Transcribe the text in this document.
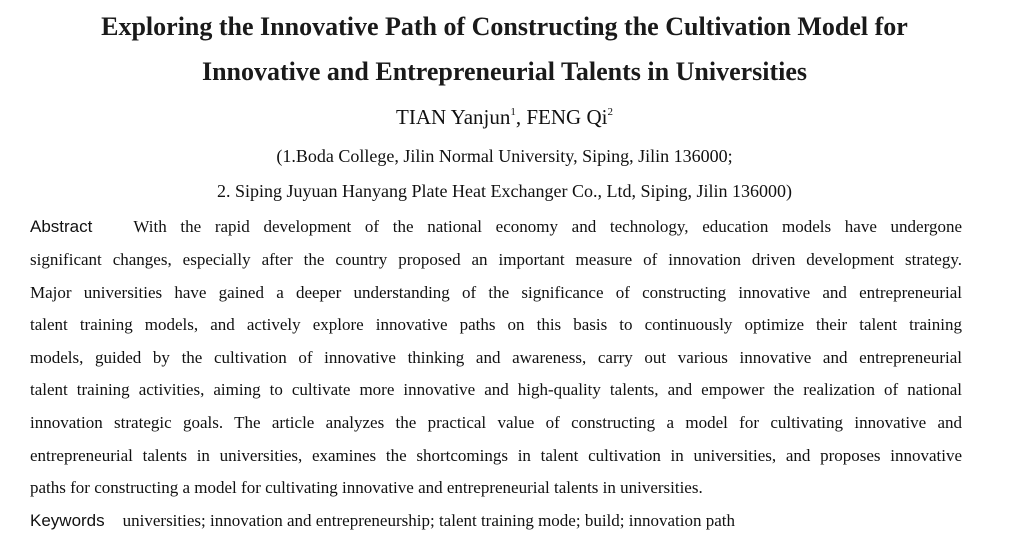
Exploring the Innovative Path of Constructing the Cultivation Model for
Innovative and Entrepreneurial Talents in Universities
TIAN Yanjun$^1$, FENG Qi$^2$
(1.Boda College, Jilin Normal University, Siping, Jilin 136000;
2. Siping Juyuan Hanyang Plate Heat Exchanger Co., Ltd, Siping, Jilin 136000)
Abstract With the rapid development of the national economy and technology, education models have undergone
significant changes, especially after the country proposed an important measure of innovation driven development strategy.
Major universities have gained a deeper understanding of the significance of constructing innovative and entrepreneurial
talent training models, and actively explore innovative paths on this basis to continuously optimize their talent training
models, guided by the cultivation of innovative thinking and awareness, carry out various innovative and entrepreneurial
talent training activities, aiming to cultivate more innovative and high-quality talents, and empower the realization of national
innovation strategic goals. The article analyzes the practical value of constructing a model for cultivating innovative and
entrepreneurial talents in universities, examines the shortcomings in talent cultivation in universities, and proposes innovative
paths for constructing a model for cultivating innovative and entrepreneurial talents in universities.
Keywords universities; innovation and entrepreneurship; talent training mode; build; innovation path
